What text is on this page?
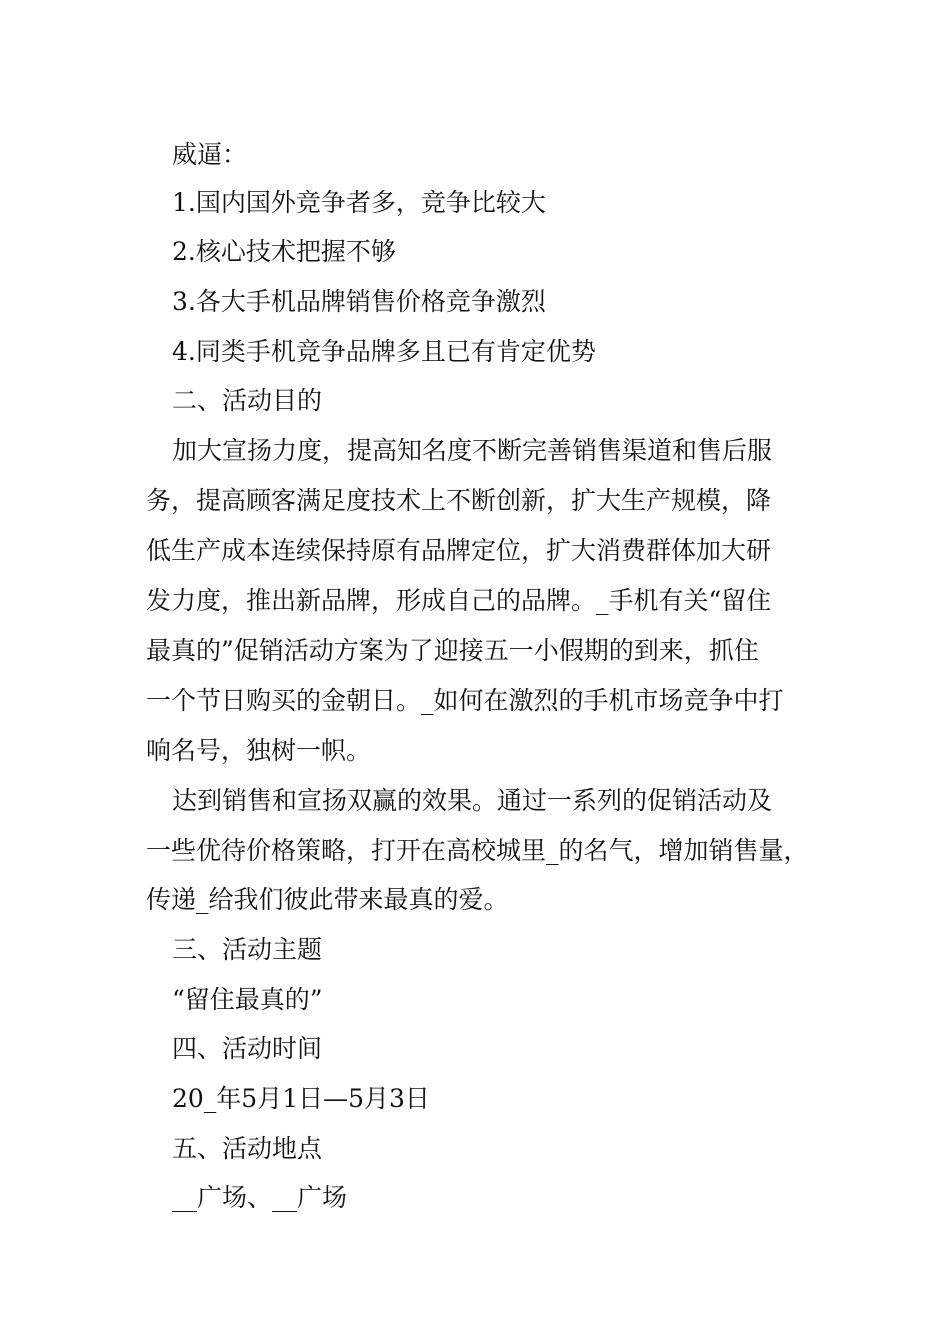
威逼：
1.国内国外竞争者多，竞争比较大
2.核心技术把握不够
3.各大手机品牌销售价格竞争激烈
4.同类手机竞争品牌多且已有肯定优势
二、活动目的
加大宣扬力度，提高知名度不断完善销售渠道和售后服
务，提高顾客满足度技术上不断创新，扩大生产规模，降
低生产成本连续保持原有品牌定位，扩大消费群体加大研
发力度，推出新品牌，形成自己的品牌。_手机有关“留住
最真的”促销活动方案为了迎接五一小假期的到来，抓住
一个节日购买的金朝日。_如何在激烈的手机市场竞争中打
响名号，独树一帜。
达到销售和宣扬双赢的效果。通过一系列的促销活动及
一些优待价格策略，打开在高校城里_的名气，增加销售量，
传递_给我们彼此带来最真的爱。
三、活动主题
“留住最真的”
四、活动时间
20_年5月1日—5月3日
五、活动地点
__广场、__广场
